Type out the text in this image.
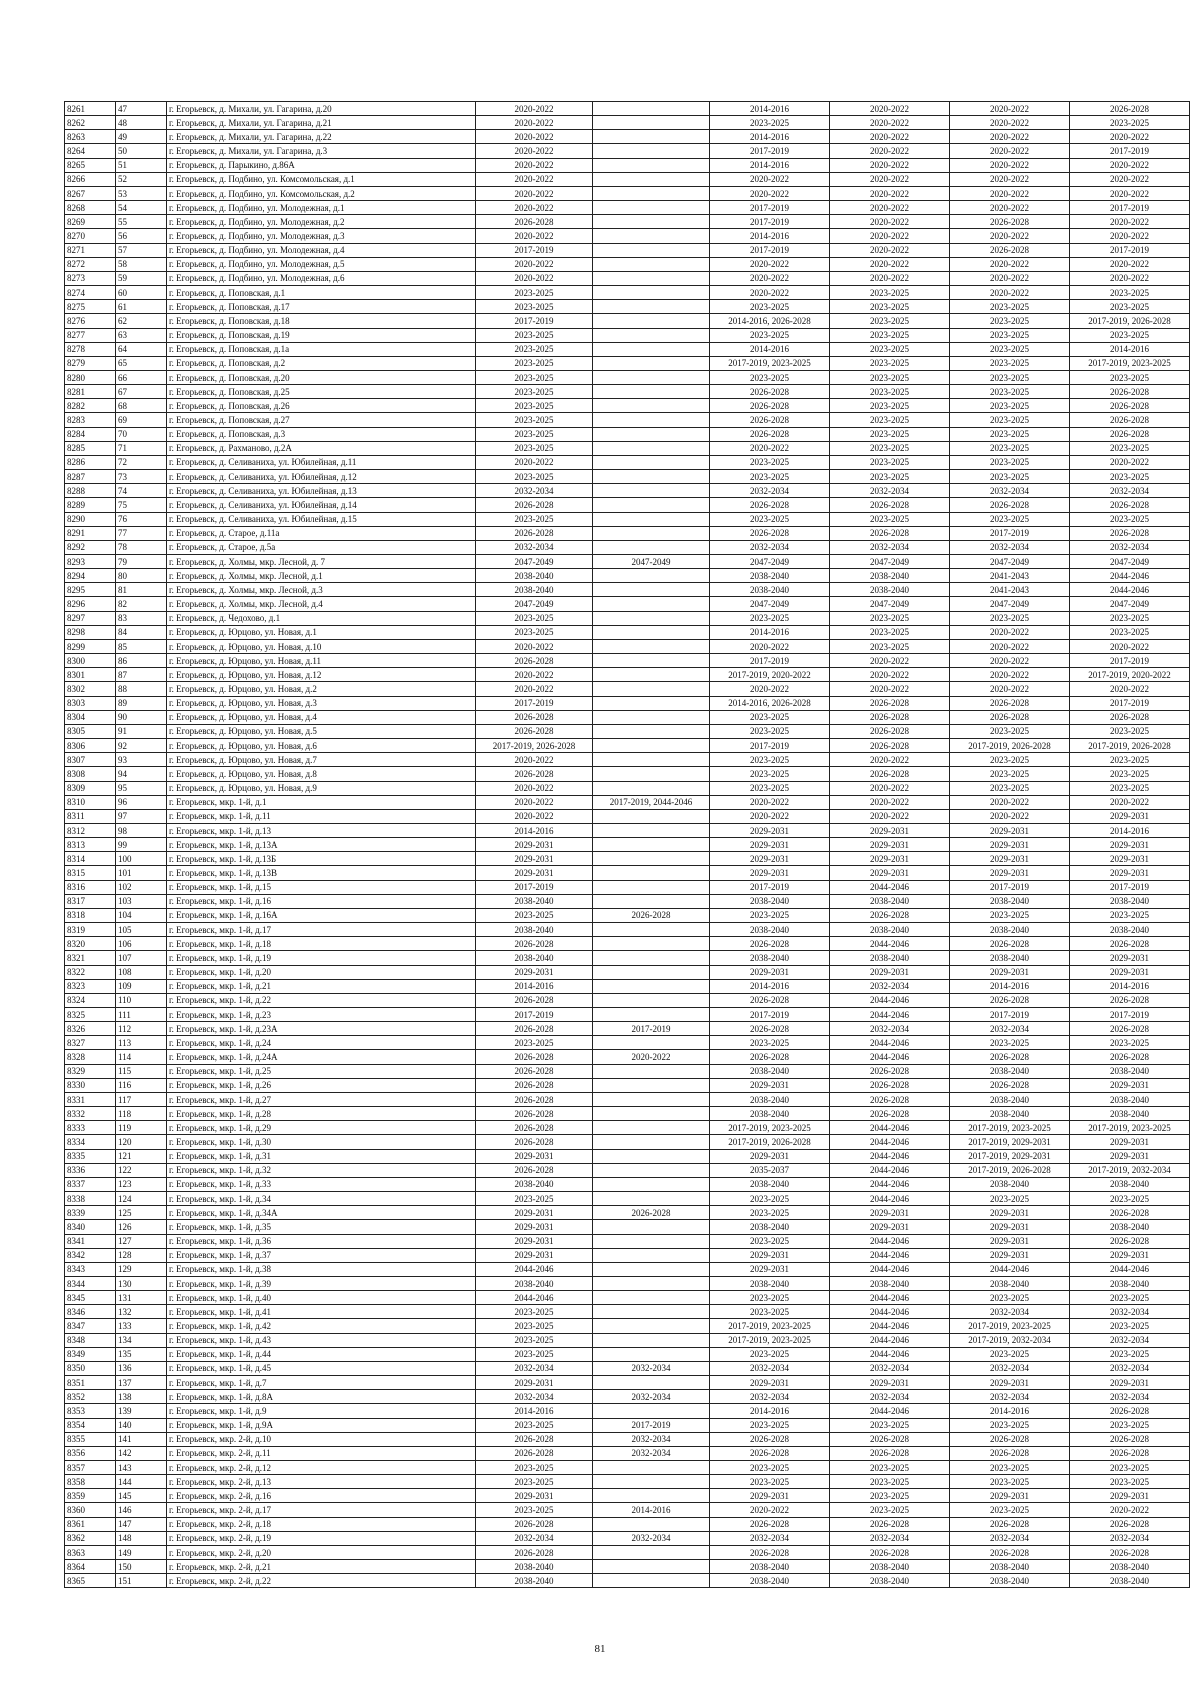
8261	47	г. Егорьевск, д. Михали, ул. Гагарина, д.20	2020-2022		2014-2016	2020-2022	2020-2022	2026-2028
8262	48	г. Егорьевск, д. Михали, ул. Гагарина, д.21	2020-2022		2023-2025	2020-2022	2020-2022	2023-2025
8263	49	г. Егорьевск, д. Михали, ул. Гагарина, д.22	2020-2022		2014-2016	2020-2022	2020-2022	2020-2022
8264	50	г. Егорьевск, д. Михали, ул. Гагарина, д.3	2020-2022		2017-2019	2020-2022	2020-2022	2017-2019
8265	51	г. Егорьевск, д. Парыкино, д.86А	2020-2022		2014-2016	2020-2022	2020-2022	2020-2022
8266	52	г. Егорьевск, д. Подбино, ул. Комсомольская, д.1	2020-2022		2020-2022	2020-2022	2020-2022	2020-2022
8267	53	г. Егорьевск, д. Подбино, ул. Комсомольская, д.2	2020-2022		2020-2022	2020-2022	2020-2022	2020-2022
8268	54	г. Егорьевск, д. Подбино, ул. Молодежная, д.1	2020-2022		2017-2019	2020-2022	2020-2022	2017-2019
8269	55	г. Егорьевск, д. Подбино, ул. Молодежная, д.2	2026-2028		2017-2019	2020-2022	2026-2028	2020-2022
8270	56	г. Егорьевск, д. Подбино, ул. Молодежная, д.3	2020-2022		2014-2016	2020-2022	2020-2022	2020-2022
8271	57	г. Егорьевск, д. Подбино, ул. Молодежная, д.4	2017-2019		2017-2019	2020-2022	2026-2028	2017-2019
8272	58	г. Егорьевск, д. Подбино, ул. Молодежная, д.5	2020-2022		2020-2022	2020-2022	2020-2022	2020-2022
8273	59	г. Егорьевск, д. Подбино, ул. Молодежная, д.6	2020-2022		2020-2022	2020-2022	2020-2022	2020-2022
8274	60	г. Егорьевск, д. Поповская, д.1	2023-2025		2020-2022	2023-2025	2020-2022	2023-2025
8275	61	г. Егорьевск, д. Поповская, д.17	2023-2025		2023-2025	2023-2025	2023-2025	2023-2025
8276	62	г. Егорьевск, д. Поповская, д.18	2017-2019		2014-2016, 2026-2028	2023-2025	2023-2025	2017-2019, 2026-2028
8277	63	г. Егорьевск, д. Поповская, д.19	2023-2025		2023-2025	2023-2025	2023-2025	2023-2025
8278	64	г. Егорьевск, д. Поповская, д.1а	2023-2025		2014-2016	2023-2025	2023-2025	2014-2016
8279	65	г. Егорьевск, д. Поповская, д.2	2023-2025		2017-2019, 2023-2025	2023-2025	2023-2025	2017-2019, 2023-2025
8280	66	г. Егорьевск, д. Поповская, д.20	2023-2025		2023-2025	2023-2025	2023-2025	2023-2025
8281	67	г. Егорьевск, д. Поповская, д.25	2023-2025		2026-2028	2023-2025	2023-2025	2026-2028
8282	68	г. Егорьевск, д. Поповская, д.26	2023-2025		2026-2028	2023-2025	2023-2025	2026-2028
8283	69	г. Егорьевск, д. Поповская, д.27	2023-2025		2026-2028	2023-2025	2023-2025	2026-2028
8284	70	г. Егорьевск, д. Поповская, д.3	2023-2025		2026-2028	2023-2025	2023-2025	2026-2028
8285	71	г. Егорьевск, д. Рахманово, д.2А	2023-2025		2020-2022	2023-2025	2023-2025	2023-2025
8286	72	г. Егорьевск, д. Селиваниха, ул. Юбилейная, д.11	2020-2022		2023-2025	2023-2025	2023-2025	2020-2022
8287	73	г. Егорьевск, д. Селиваниха, ул. Юбилейная, д.12	2023-2025		2023-2025	2023-2025	2023-2025	2023-2025
8288	74	г. Егорьевск, д. Селиваниха, ул. Юбилейная, д.13	2032-2034		2032-2034	2032-2034	2032-2034	2032-2034
8289	75	г. Егорьевск, д. Селиваниха, ул. Юбилейная, д.14	2026-2028		2026-2028	2026-2028	2026-2028	2026-2028
8290	76	г. Егорьевск, д. Селиваниха, ул. Юбилейная, д.15	2023-2025		2023-2025	2023-2025	2023-2025	2023-2025
8291	77	г. Егорьевск, д. Старое, д.11а	2026-2028		2026-2028	2026-2028	2017-2019	2026-2028
8292	78	г. Егорьевск, д. Старое, д.5а	2032-2034		2032-2034	2032-2034	2032-2034	2032-2034
8293	79	г. Егорьевск, д. Холмы, мкр. Лесной, д. 7	2047-2049	2047-2049	2047-2049	2047-2049	2047-2049	2047-2049
8294	80	г. Егорьевск, д. Холмы, мкр. Лесной, д.1	2038-2040		2038-2040	2038-2040	2041-2043	2044-2046
8295	81	г. Егорьевск, д. Холмы, мкр. Лесной, д.3	2038-2040		2038-2040	2038-2040	2041-2043	2044-2046
8296	82	г. Егорьевск, д. Холмы, мкр. Лесной, д.4	2047-2049		2047-2049	2047-2049	2047-2049	2047-2049
8297	83	г. Егорьевск, д. Чедохово, д.1	2023-2025		2023-2025	2023-2025	2023-2025	2023-2025
8298	84	г. Егорьевск, д. Юрцово, ул. Новая, д.1	2023-2025		2014-2016	2023-2025	2020-2022	2023-2025
8299	85	г. Егорьевск, д. Юрцово, ул. Новая, д.10	2020-2022		2020-2022	2023-2025	2020-2022	2020-2022
8300	86	г. Егорьевск, д. Юрцово, ул. Новая, д.11	2026-2028		2017-2019	2020-2022	2020-2022	2017-2019
8301	87	г. Егорьевск, д. Юрцово, ул. Новая, д.12	2020-2022		2017-2019, 2020-2022	2020-2022	2020-2022	2017-2019, 2020-2022
8302	88	г. Егорьевск, д. Юрцово, ул. Новая, д.2	2020-2022		2020-2022	2020-2022	2020-2022	2020-2022
8303	89	г. Егорьевск, д. Юрцово, ул. Новая, д.3	2017-2019		2014-2016, 2026-2028	2026-2028	2026-2028	2017-2019
8304	90	г. Егорьевск, д. Юрцово, ул. Новая, д.4	2026-2028		2023-2025	2026-2028	2026-2028	2026-2028
8305	91	г. Егорьевск, д. Юрцово, ул. Новая, д.5	2026-2028		2023-2025	2026-2028	2023-2025	2023-2025
8306	92	г. Егорьевск, д. Юрцово, ул. Новая, д.6	2017-2019, 2026-2028		2017-2019	2026-2028	2017-2019, 2026-2028	2017-2019, 2026-2028
8307	93	г. Егорьевск, д. Юрцово, ул. Новая, д.7	2020-2022		2023-2025	2020-2022	2023-2025	2023-2025
8308	94	г. Егорьевск, д. Юрцово, ул. Новая, д.8	2026-2028		2023-2025	2026-2028	2023-2025	2023-2025
8309	95	г. Егорьевск, д. Юрцово, ул. Новая, д.9	2020-2022		2023-2025	2020-2022	2023-2025	2023-2025
8310	96	г. Егорьевск, мкр. 1-й, д.1	2020-2022	2017-2019, 2044-2046	2020-2022	2020-2022	2020-2022	2020-2022
8311	97	г. Егорьевск, мкр. 1-й, д.11	2020-2022		2020-2022	2020-2022	2020-2022	2029-2031
8312	98	г. Егорьевск, мкр. 1-й, д.13	2014-2016		2029-2031	2029-2031	2029-2031	2014-2016
8313	99	г. Егорьевск, мкр. 1-й, д.13А	2029-2031		2029-2031	2029-2031	2029-2031	2029-2031
8314	100	г. Егорьевск, мкр. 1-й, д.13Б	2029-2031		2029-2031	2029-2031	2029-2031	2029-2031
8315	101	г. Егорьевск, мкр. 1-й, д.13В	2029-2031		2029-2031	2029-2031	2029-2031	2029-2031
8316	102	г. Егорьевск, мкр. 1-й, д.15	2017-2019		2017-2019	2044-2046	2017-2019	2017-2019
8317	103	г. Егорьевск, мкр. 1-й, д.16	2038-2040		2038-2040	2038-2040	2038-2040	2038-2040
8318	104	г. Егорьевск, мкр. 1-й, д.16А	2023-2025	2026-2028	2023-2025	2026-2028	2023-2025	2023-2025
8319	105	г. Егорьевск, мкр. 1-й, д.17	2038-2040		2038-2040	2038-2040	2038-2040	2038-2040
8320	106	г. Егорьевск, мкр. 1-й, д.18	2026-2028		2026-2028	2044-2046	2026-2028	2026-2028
8321	107	г. Егорьевск, мкр. 1-й, д.19	2038-2040		2038-2040	2038-2040	2038-2040	2029-2031
8322	108	г. Егорьевск, мкр. 1-й, д.20	2029-2031		2029-2031	2029-2031	2029-2031	2029-2031
8323	109	г. Егорьевск, мкр. 1-й, д.21	2014-2016		2014-2016	2032-2034	2014-2016	2014-2016
8324	110	г. Егорьевск, мкр. 1-й, д.22	2026-2028		2026-2028	2044-2046	2026-2028	2026-2028
8325	111	г. Егорьевск, мкр. 1-й, д.23	2017-2019		2017-2019	2044-2046	2017-2019	2017-2019
8326	112	г. Егорьевск, мкр. 1-й, д.23А	2026-2028	2017-2019	2026-2028	2032-2034	2032-2034	2026-2028
8327	113	г. Егорьевск, мкр. 1-й, д.24	2023-2025		2023-2025	2044-2046	2023-2025	2023-2025
8328	114	г. Егорьевск, мкр. 1-й, д.24А	2026-2028	2020-2022	2026-2028	2044-2046	2026-2028	2026-2028
8329	115	г. Егорьевск, мкр. 1-й, д.25	2026-2028		2038-2040	2026-2028	2038-2040	2038-2040
8330	116	г. Егорьевск, мкр. 1-й, д.26	2026-2028		2029-2031	2026-2028	2026-2028	2029-2031
8331	117	г. Егорьевск, мкр. 1-й, д.27	2026-2028		2038-2040	2026-2028	2038-2040	2038-2040
8332	118	г. Егорьевск, мкр. 1-й, д.28	2026-2028		2038-2040	2026-2028	2038-2040	2038-2040
8333	119	г. Егорьевск, мкр. 1-й, д.29	2026-2028		2017-2019, 2023-2025	2044-2046	2017-2019, 2023-2025	2017-2019, 2023-2025
8334	120	г. Егорьевск, мкр. 1-й, д.30	2026-2028		2017-2019, 2026-2028	2044-2046	2017-2019, 2029-2031	2029-2031
8335	121	г. Егорьевск, мкр. 1-й, д.31	2029-2031		2029-2031	2044-2046	2017-2019, 2029-2031	2029-2031
8336	122	г. Егорьевск, мкр. 1-й, д.32	2026-2028		2035-2037	2044-2046	2017-2019, 2026-2028	2017-2019, 2032-2034
8337	123	г. Егорьевск, мкр. 1-й, д.33	2038-2040		2038-2040	2044-2046	2038-2040	2038-2040
8338	124	г. Егорьевск, мкр. 1-й, д.34	2023-2025		2023-2025	2044-2046	2023-2025	2023-2025
8339	125	г. Егорьевск, мкр. 1-й, д.34А	2029-2031	2026-2028	2023-2025	2029-2031	2029-2031	2026-2028
8340	126	г. Егорьевск, мкр. 1-й, д.35	2029-2031		2038-2040	2029-2031	2029-2031	2038-2040
8341	127	г. Егорьевск, мкр. 1-й, д.36	2029-2031		2023-2025	2044-2046	2029-2031	2026-2028
8342	128	г. Егорьевск, мкр. 1-й, д.37	2029-2031		2029-2031	2044-2046	2029-2031	2029-2031
8343	129	г. Егорьевск, мкр. 1-й, д.38	2044-2046		2029-2031	2044-2046	2044-2046	2044-2046
8344	130	г. Егорьевск, мкр. 1-й, д.39	2038-2040		2038-2040	2038-2040	2038-2040	2038-2040
8345	131	г. Егорьевск, мкр. 1-й, д.40	2044-2046		2023-2025	2044-2046	2023-2025	2023-2025
8346	132	г. Егорьевск, мкр. 1-й, д.41	2023-2025		2023-2025	2044-2046	2032-2034	2032-2034
8347	133	г. Егорьевск, мкр. 1-й, д.42	2023-2025		2017-2019, 2023-2025	2044-2046	2017-2019, 2023-2025	2023-2025
8348	134	г. Егорьевск, мкр. 1-й, д.43	2023-2025		2017-2019, 2023-2025	2044-2046	2017-2019, 2032-2034	2032-2034
8349	135	г. Егорьевск, мкр. 1-й, д.44	2023-2025		2023-2025	2044-2046	2023-2025	2023-2025
8350	136	г. Егорьевск, мкр. 1-й, д.45	2032-2034	2032-2034	2032-2034	2032-2034	2032-2034	2032-2034
8351	137	г. Егорьевск, мкр. 1-й, д.7	2029-2031		2029-2031	2029-2031	2029-2031	2029-2031
8352	138	г. Егорьевск, мкр. 1-й, д.8А	2032-2034	2032-2034	2032-2034	2032-2034	2032-2034	2032-2034
8353	139	г. Егорьевск, мкр. 1-й, д.9	2014-2016		2014-2016	2044-2046	2014-2016	2026-2028
8354	140	г. Егорьевск, мкр. 1-й, д.9А	2023-2025	2017-2019	2023-2025	2023-2025	2023-2025	2023-2025
8355	141	г. Егорьевск, мкр. 2-й, д.10	2026-2028	2032-2034	2026-2028	2026-2028	2026-2028	2026-2028
8356	142	г. Егорьевск, мкр. 2-й, д.11	2026-2028	2032-2034	2026-2028	2026-2028	2026-2028	2026-2028
8357	143	г. Егорьевск, мкр. 2-й, д.12	2023-2025		2023-2025	2023-2025	2023-2025	2023-2025
8358	144	г. Егорьевск, мкр. 2-й, д.13	2023-2025		2023-2025	2023-2025	2023-2025	2023-2025
8359	145	г. Егорьевск, мкр. 2-й, д.16	2029-2031		2029-2031	2023-2025	2029-2031	2029-2031
8360	146	г. Егорьевск, мкр. 2-й, д.17	2023-2025	2014-2016	2020-2022	2023-2025	2023-2025	2020-2022
8361	147	г. Егорьевск, мкр. 2-й, д.18	2026-2028		2026-2028	2026-2028	2026-2028	2026-2028
8362	148	г. Егорьевск, мкр. 2-й, д.19	2032-2034	2032-2034	2032-2034	2032-2034	2032-2034	2032-2034
8363	149	г. Егорьевск, мкр. 2-й, д.20	2026-2028		2026-2028	2026-2028	2026-2028	2026-2028
8364	150	г. Егорьевск, мкр. 2-й, д.21	2038-2040		2038-2040	2038-2040	2038-2040	2038-2040
8365	151	г. Егорьевск, мкр. 2-й, д.22	2038-2040		2038-2040	2038-2040	2038-2040	2038-2040
81
